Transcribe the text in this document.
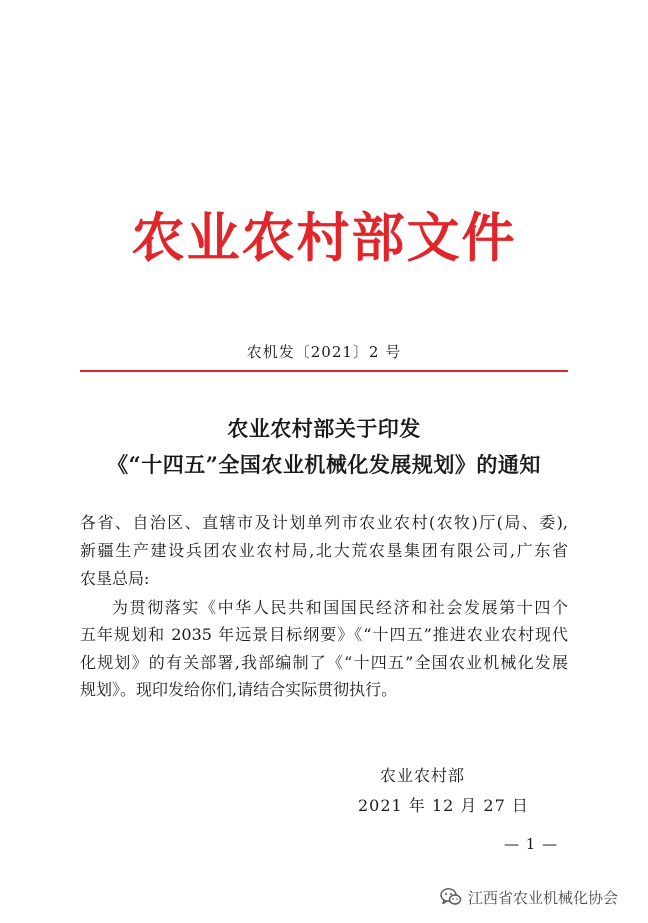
农业农村部文件
农机发〔2021〕2 号
农业农村部关于印发
《“十四五”全国农业机械化发展规划》的通知
各省、自治区、直辖市及计划单列市农业农村(农牧)厅(局、委),
新疆生产建设兵团农业农村局,北大荒农垦集团有限公司,广东省
农垦总局:
为贯彻落实《中华人民共和国国民经济和社会发展第十四个
五年规划和 2035 年远景目标纲要》《“十四五”推进农业农村现代
化规划》的有关部署,我部编制了《“十四五”全国农业机械化发展
规划》。现印发给你们,请结合实际贯彻执行。
农业农村部
2021 年 12 月 27 日
— 1 —
江西省农业机械化协会
